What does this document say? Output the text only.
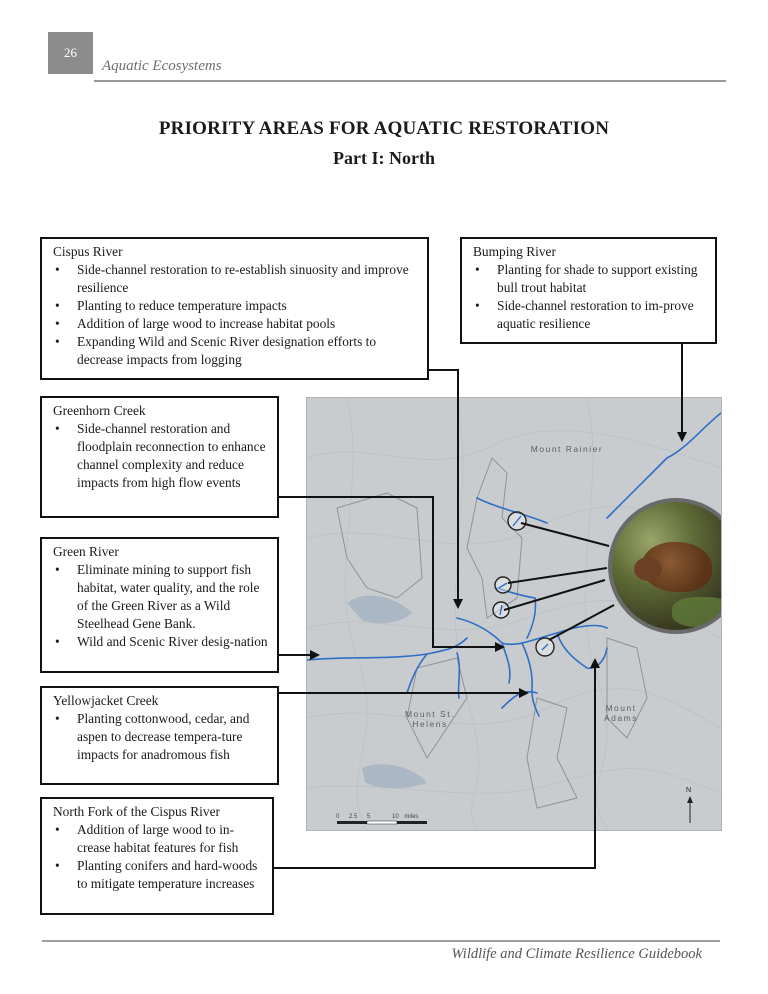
26
Aquatic Ecosystems
PRIORITY AREAS FOR AQUATIC RESTORATION
Part I: North
Mount Rainier
Mount St.
Helens
Mount
Adams
0 2.5 5	10 miles
N
Cispus River
• Side-channel restoration to re-establish sinuosity and improve resilience
• Planting to reduce temperature impacts
• Addition of large wood to increase habitat pools
• Expanding Wild and Scenic River designation efforts to decrease impacts from logging
Bumping River
• Planting for shade to support existing bull trout habitat
• Side-channel restoration to im-prove aquatic resilience
Greenhorn Creek
• Side-channel restoration and floodplain reconnection to enhance channel complexity and reduce impacts from high flow events
Green River
• Eliminate mining to support fish habitat, water quality, and the role of the Green River as a Wild Steelhead Gene Bank.
• Wild and Scenic River desig-nation
Yellowjacket Creek
• Planting cottonwood, cedar, and aspen to decrease tempera-ture impacts for anadromous fish
North Fork of the Cispus River
• Addition of large wood to in-crease habitat features for fish
• Planting conifers and hard-woods to mitigate temperature increases
Wildlife and Climate Resilience Guidebook
